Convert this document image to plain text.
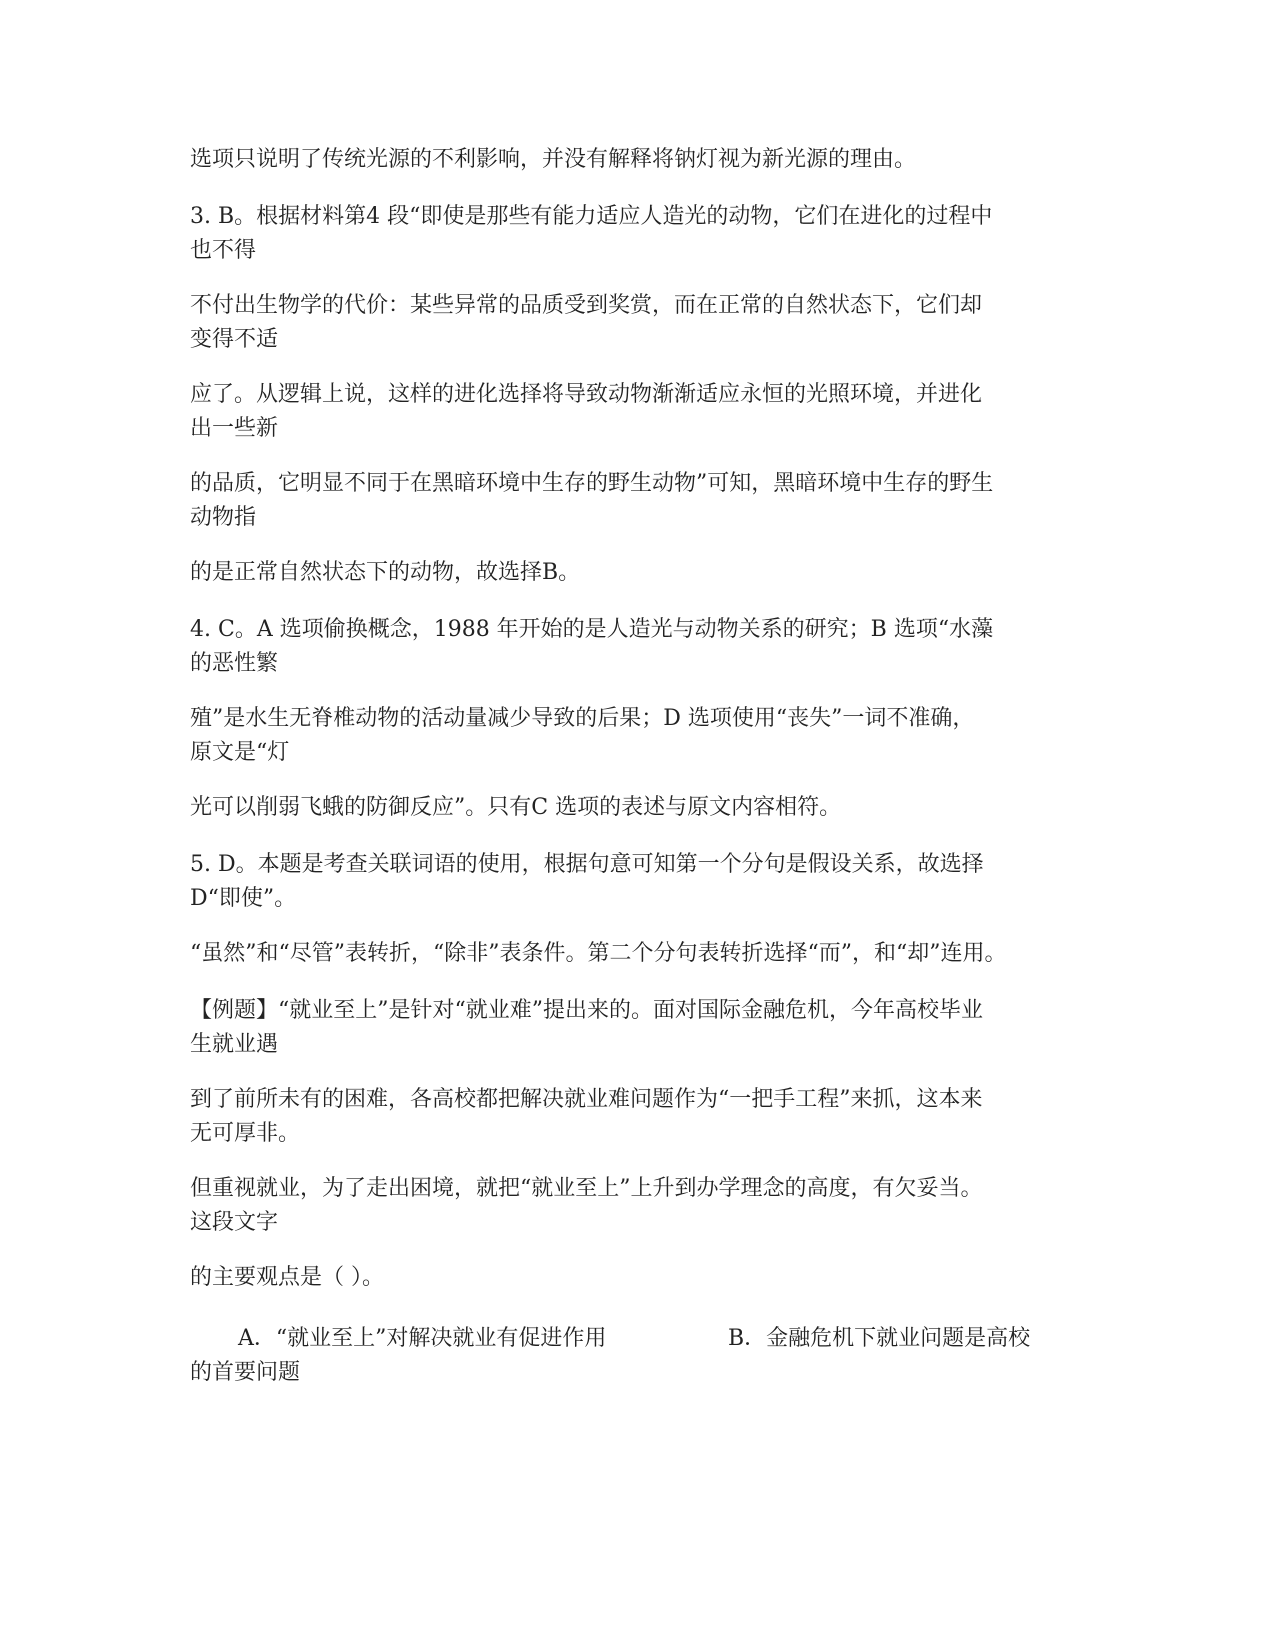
选项只说明了传统光源的不利影响，并没有解释将钠灯视为新光源的理由。

3. B。根据材料第4 段“即使是那些有能力适应人造光的动物，它们在进化的过程中
也不得

不付出生物学的代价：某些异常的品质受到奖赏，而在正常的自然状态下，它们却
变得不适

应了。从逻辑上说，这样的进化选择将导致动物渐渐适应永恒的光照环境，并进化
出一些新

的品质，它明显不同于在黑暗环境中生存的野生动物”可知，黑暗环境中生存的野生
动物指

的是正常自然状态下的动物，故选择B。

4. C。A 选项偷换概念，1988 年开始的是人造光与动物关系的研究；B 选项“水藻
的恶性繁

殖”是水生无脊椎动物的活动量减少导致的后果；D 选项使用“丧失”一词不准确，
原文是“灯

光可以削弱飞蛾的防御反应”。只有C 选项的表述与原文内容相符。

5. D。本题是考查关联词语的使用，根据句意可知第一个分句是假设关系，故选择
D“即使”。

“虽然”和“尽管”表转折，“除非”表条件。第二个分句表转折选择“而”，和“却”连用。

【例题】“就业至上”是针对“就业难”提出来的。面对国际金融危机，今年高校毕业
生就业遇

到了前所未有的困难，各高校都把解决就业难问题作为“一把手工程”来抓，这本来
无可厚非。

但重视就业，为了走出困境，就把“就业至上”上升到办学理念的高度，有欠妥当。
这段文字

的主要观点是（ ）。

A．“就业至上”对解决就业有促进作用	B．金融危机下就业问题是高校
的首要问题
